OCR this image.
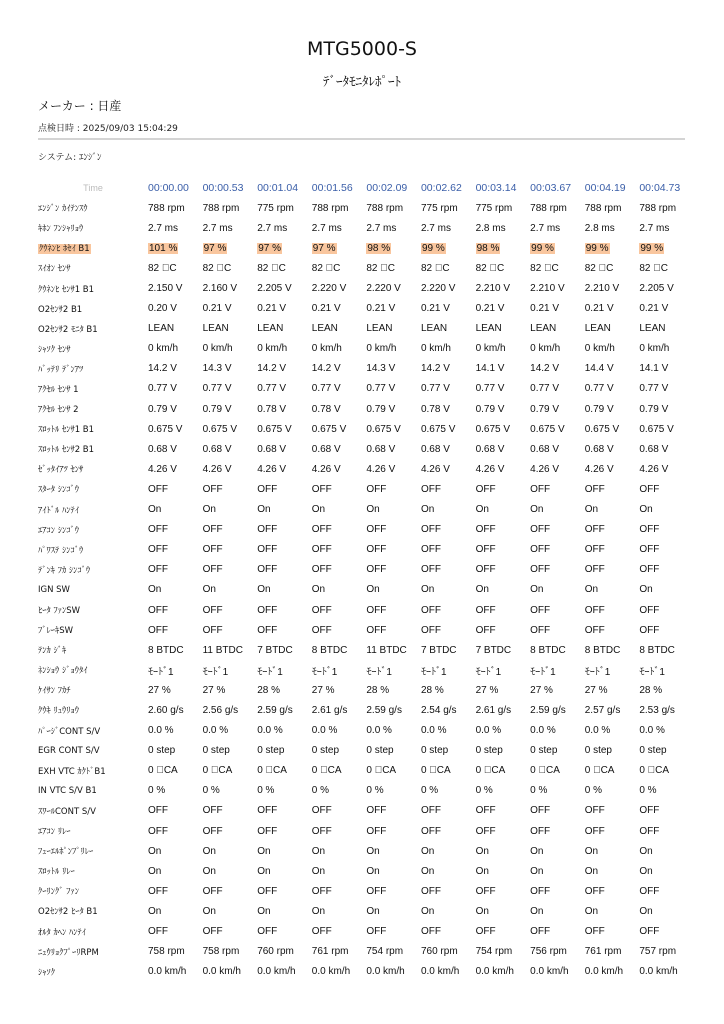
MTG5000-S
ﾃﾞｰﾀﾓﾆﾀﾚﾎﾟｰﾄ
メーカー : 日産
点検日時 : 2025/09/03 15:04:29
システム: ｴﾝｼﾞﾝ
Time	00:00.00	00:00.53	00:01.04	00:01.56	00:02.09	00:02.62	00:03.14	00:03.67	00:04.19	00:04.73
ｴﾝｼﾞﾝ ｶｲﾃﾝｽｳ	788 rpm	788 rpm	775 rpm	788 rpm	788 rpm	775 rpm	775 rpm	788 rpm	788 rpm	788 rpm
ｷﾎﾝ ﾌﾝｼｬﾘｮｳ	2.7 ms	2.7 ms	2.7 ms	2.7 ms	2.7 ms	2.7 ms	2.8 ms	2.7 ms	2.8 ms	2.7 ms
ｸｳﾈﾝﾋ ﾎｾｲ B1	101 %	97 %	97 %	97 %	98 %	99 %	98 %	99 %	99 %	99 %
ｽｲｵﾝ ｾﾝｻ	82 ﾟC	82 ﾟC	82 ﾟC	82 ﾟC	82 ﾟC	82 ﾟC	82 ﾟC	82 ﾟC	82 ﾟC	82 ﾟC
ｸｳﾈﾝﾋ ｾﾝｻ1 B1	2.150 V	2.160 V	2.205 V	2.220 V	2.220 V	2.220 V	2.210 V	2.210 V	2.210 V	2.205 V
O2ｾﾝｻ2 B1	0.20 V	0.21 V	0.21 V	0.21 V	0.21 V	0.21 V	0.21 V	0.21 V	0.21 V	0.21 V
O2ｾﾝｻ2 ﾓﾆﾀ B1	LEAN	LEAN	LEAN	LEAN	LEAN	LEAN	LEAN	LEAN	LEAN	LEAN
ｼｬｿｸ ｾﾝｻ	0 km/h	0 km/h	0 km/h	0 km/h	0 km/h	0 km/h	0 km/h	0 km/h	0 km/h	0 km/h
ﾊﾞｯﾃﾘ ﾃﾞﾝｱﾂ	14.2 V	14.3 V	14.2 V	14.2 V	14.3 V	14.2 V	14.1 V	14.2 V	14.4 V	14.1 V
ｱｸｾﾙ ｾﾝｻ 1	0.77 V	0.77 V	0.77 V	0.77 V	0.77 V	0.77 V	0.77 V	0.77 V	0.77 V	0.77 V
ｱｸｾﾙ ｾﾝｻ 2	0.79 V	0.79 V	0.78 V	0.78 V	0.79 V	0.78 V	0.79 V	0.79 V	0.79 V	0.79 V
ｽﾛｯﾄﾙ ｾﾝｻ1 B1	0.675 V	0.675 V	0.675 V	0.675 V	0.675 V	0.675 V	0.675 V	0.675 V	0.675 V	0.675 V
ｽﾛｯﾄﾙ ｾﾝｻ2 B1	0.68 V	0.68 V	0.68 V	0.68 V	0.68 V	0.68 V	0.68 V	0.68 V	0.68 V	0.68 V
ｾﾞｯﾀｲｱﾂ ｾﾝｻ	4.26 V	4.26 V	4.26 V	4.26 V	4.26 V	4.26 V	4.26 V	4.26 V	4.26 V	4.26 V
ｽﾀｰﾀ ｼﾝｺﾞｳ	OFF	OFF	OFF	OFF	OFF	OFF	OFF	OFF	OFF	OFF
ｱｲﾄﾞﾙ ﾊﾝﾃｲ	On	On	On	On	On	On	On	On	On	On
ｴｱｺﾝ ｼﾝｺﾞｳ	OFF	OFF	OFF	OFF	OFF	OFF	OFF	OFF	OFF	OFF
ﾊﾟﾜｽﾃ ｼﾝｺﾞｳ	OFF	OFF	OFF	OFF	OFF	OFF	OFF	OFF	OFF	OFF
ﾃﾞﾝｷ ﾌｶ ｼﾝｺﾞｳ	OFF	OFF	OFF	OFF	OFF	OFF	OFF	OFF	OFF	OFF
IGN SW	On	On	On	On	On	On	On	On	On	On
ﾋｰﾀ ﾌｧﾝSW	OFF	OFF	OFF	OFF	OFF	OFF	OFF	OFF	OFF	OFF
ﾌﾞﾚｰｷSW	OFF	OFF	OFF	OFF	OFF	OFF	OFF	OFF	OFF	OFF
ﾃﾝｶ ｼﾞｷ	8 BTDC	11 BTDC	7 BTDC	8 BTDC	11 BTDC	7 BTDC	7 BTDC	8 BTDC	8 BTDC	8 BTDC
ﾈﾝｼｮｳ ｼﾞｮｳﾀｲ	ﾓｰﾄﾞ1	ﾓｰﾄﾞ1	ﾓｰﾄﾞ1	ﾓｰﾄﾞ1	ﾓｰﾄﾞ1	ﾓｰﾄﾞ1	ﾓｰﾄﾞ1	ﾓｰﾄﾞ1	ﾓｰﾄﾞ1	ﾓｰﾄﾞ1
ｹｲｻﾝ ﾌｶﾁ	27 %	27 %	28 %	27 %	28 %	28 %	27 %	27 %	27 %	28 %
ｸｳｷ ﾘｭｳﾘｮｳ	2.60 g/s	2.56 g/s	2.59 g/s	2.61 g/s	2.59 g/s	2.54 g/s	2.61 g/s	2.59 g/s	2.57 g/s	2.53 g/s
ﾊﾟｰｼﾞCONT S/V	0.0 %	0.0 %	0.0 %	0.0 %	0.0 %	0.0 %	0.0 %	0.0 %	0.0 %	0.0 %
EGR CONT S/V	0 step	0 step	0 step	0 step	0 step	0 step	0 step	0 step	0 step	0 step
EXH VTC ｶｸﾄﾞB1	0 ﾟCA	0 ﾟCA	0 ﾟCA	0 ﾟCA	0 ﾟCA	0 ﾟCA	0 ﾟCA	0 ﾟCA	0 ﾟCA	0 ﾟCA
IN VTC S/V B1	0 %	0 %	0 %	0 %	0 %	0 %	0 %	0 %	0 %	0 %
ｽﾜｰﾙCONT S/V	OFF	OFF	OFF	OFF	OFF	OFF	OFF	OFF	OFF	OFF
ｴｱｺﾝ ﾘﾚｰ	OFF	OFF	OFF	OFF	OFF	OFF	OFF	OFF	OFF	OFF
ﾌｭｰｴﾙﾎﾟﾝﾌﾟﾘﾚｰ	On	On	On	On	On	On	On	On	On	On
ｽﾛｯﾄﾙ ﾘﾚｰ	On	On	On	On	On	On	On	On	On	On
ｸｰﾘﾝｸﾞ ﾌｧﾝ	OFF	OFF	OFF	OFF	OFF	OFF	OFF	OFF	OFF	OFF
O2ｾﾝｻ2 ﾋｰﾀ B1	On	On	On	On	On	On	On	On	On	On
ｵﾙﾀ ｶﾍﾝ ﾊﾝﾃｲ	OFF	OFF	OFF	OFF	OFF	OFF	OFF	OFF	OFF	OFF
ﾆｭｳﾘｮｸﾌﾟｰﾘRPM	758 rpm	758 rpm	760 rpm	761 rpm	754 rpm	760 rpm	754 rpm	756 rpm	761 rpm	757 rpm
ｼｬｿｸ	0.0 km/h	0.0 km/h	0.0 km/h	0.0 km/h	0.0 km/h	0.0 km/h	0.0 km/h	0.0 km/h	0.0 km/h	0.0 km/h
